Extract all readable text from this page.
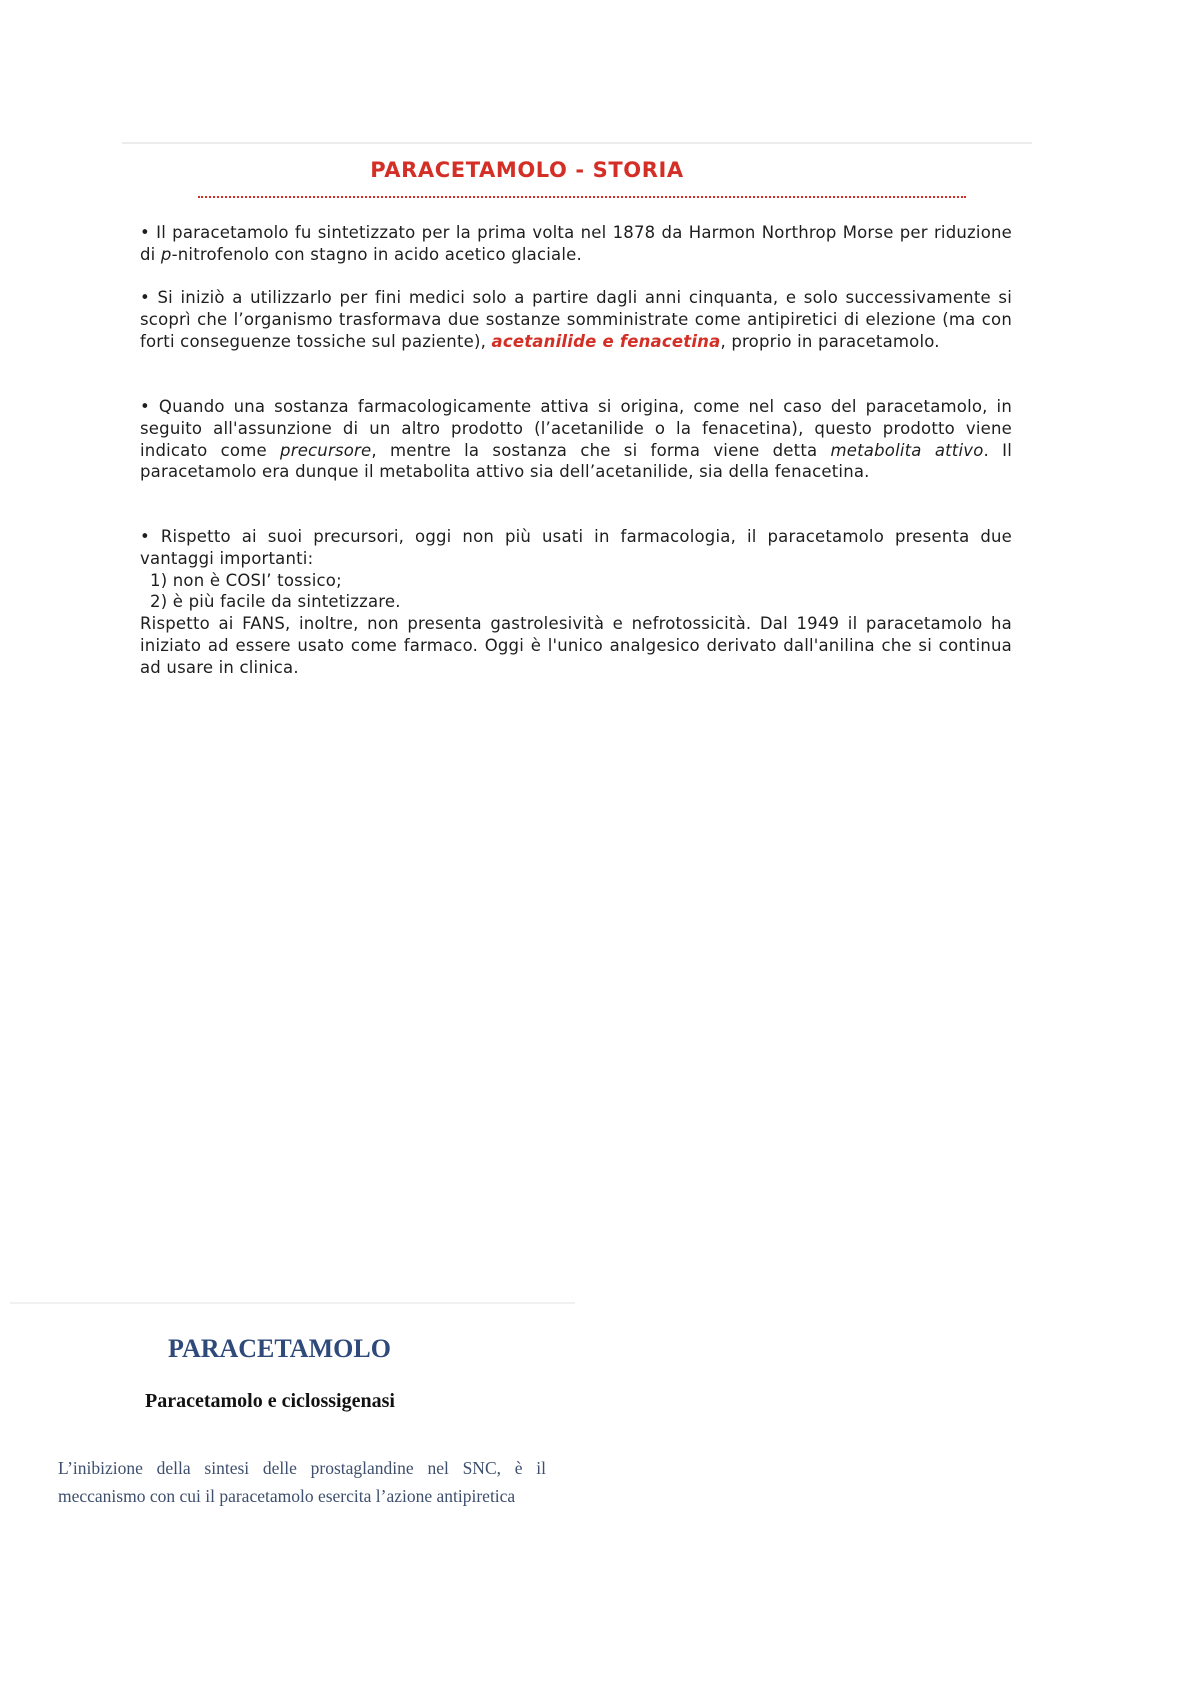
PARACETAMOLO - STORIA

• Il paracetamolo fu sintetizzato per la prima volta nel 1878 da Harmon Northrop Morse per riduzione di p-nitrofenolo con stagno in acido acetico glaciale.

• Si iniziò a utilizzarlo per fini medici solo a partire dagli anni cinquanta, e solo successivamente si scoprì che l’organismo trasformava due sostanze somministrate come antipiretici di elezione (ma con forti conseguenze tossiche sul paziente), acetanilide e fenacetina, proprio in paracetamolo.

• Quando una sostanza farmacologicamente attiva si origina, come nel caso del paracetamolo, in seguito all'assunzione di un altro prodotto (l’acetanilide o la fenacetina), questo prodotto viene indicato come precursore, mentre la sostanza che si forma viene detta metabolita attivo. Il paracetamolo era dunque il metabolita attivo sia dell’acetanilide, sia della fenacetina.

• Rispetto ai suoi precursori, oggi non più usati in farmacologia, il paracetamolo presenta due vantaggi importanti:
1) non è COSI’ tossico;
2) è più facile da sintetizzare.
Rispetto ai FANS, inoltre, non presenta gastrolesività e nefrotossicità. Dal 1949 il paracetamolo ha iniziato ad essere usato come farmaco. Oggi è l'unico analgesico derivato dall'anilina che si continua ad usare in clinica.

PARACETAMOLO
Paracetamolo e ciclossigenasi

L’inibizione della sintesi delle prostaglandine nel SNC, è il meccanismo con cui il paracetamolo esercita l’azione antipiretica
